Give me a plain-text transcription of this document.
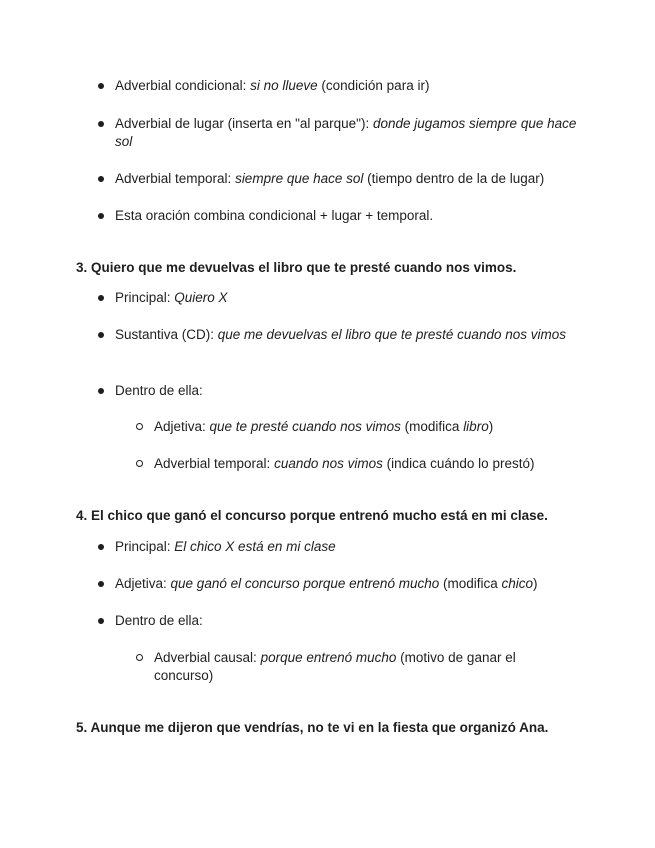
Adverbial condicional: si no llueve (condición para ir)
Adverbial de lugar (inserta en "al parque"): donde jugamos siempre que hace sol
Adverbial temporal: siempre que hace sol (tiempo dentro de la de lugar)
Esta oración combina condicional + lugar + temporal.
3. Quiero que me devuelvas el libro que te presté cuando nos vimos.
Principal: Quiero X
Sustantiva (CD): que me devuelvas el libro que te presté cuando nos vimos
Dentro de ella:
Adjetiva: que te presté cuando nos vimos (modifica libro)
Adverbial temporal: cuando nos vimos (indica cuándo lo prestó)
4. El chico que ganó el concurso porque entrenó mucho está en mi clase.
Principal: El chico X está en mi clase
Adjetiva: que ganó el concurso porque entrenó mucho (modifica chico)
Dentro de ella:
Adverbial causal: porque entrenó mucho (motivo de ganar el concurso)
5. Aunque me dijeron que vendrías, no te vi en la fiesta que organizó Ana.
